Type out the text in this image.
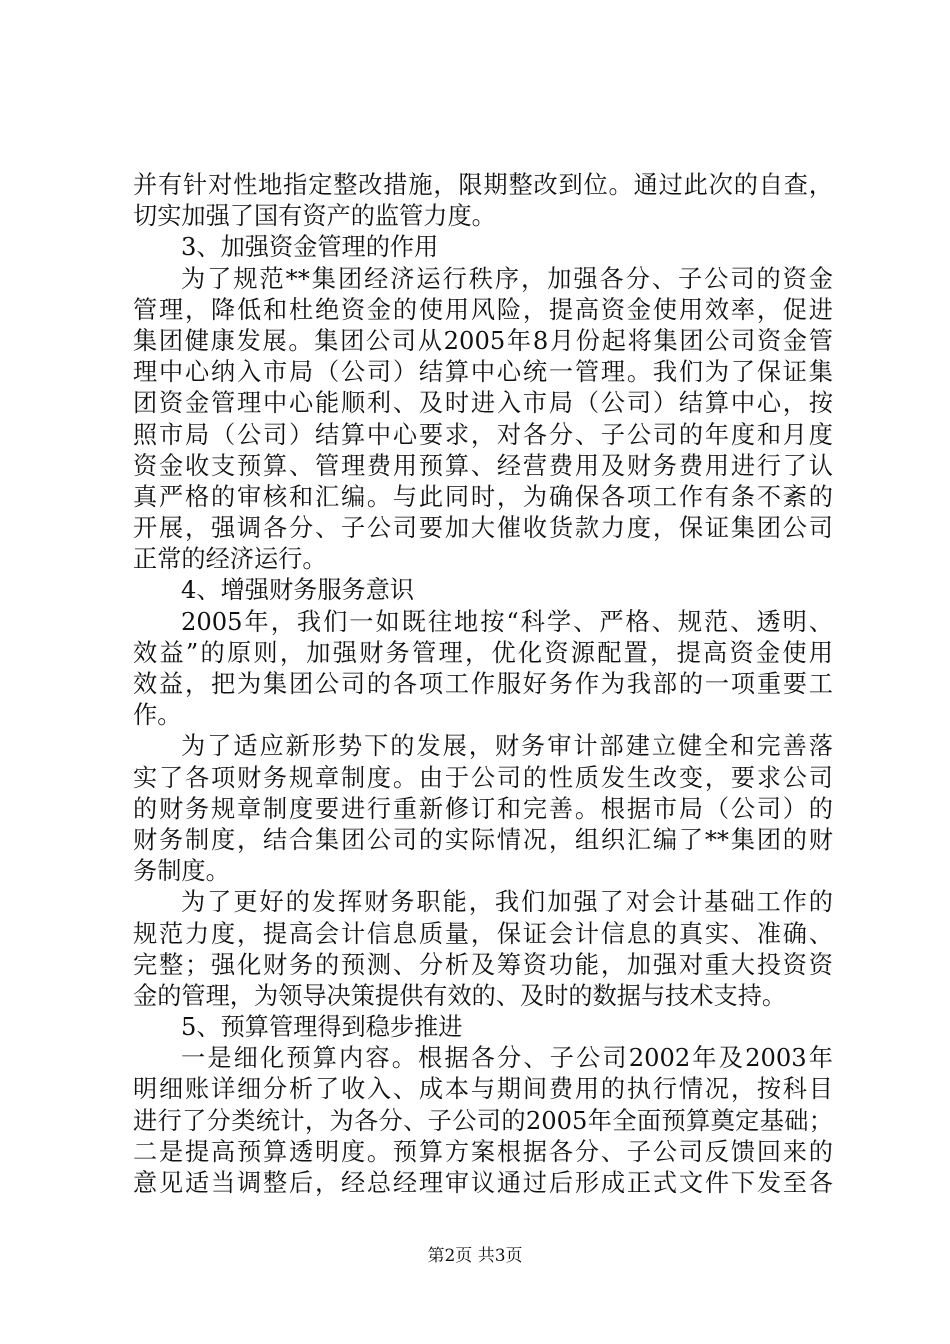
并有针对性地指定整改措施，限期整改到位。通过此次的自查，
切实加强了国有资产的监管力度。
3、加强资金管理的作用
为了规范**集团经济运行秩序，加强各分、子公司的资金
管理，降低和杜绝资金的使用风险，提高资金使用效率，促进
集团健康发展。集团公司从2005年8月份起将集团公司资金管
理中心纳入市局（公司）结算中心统一管理。我们为了保证集
团资金管理中心能顺利、及时进入市局（公司）结算中心，按
照市局（公司）结算中心要求，对各分、子公司的年度和月度
资金收支预算、管理费用预算、经营费用及财务费用进行了认
真严格的审核和汇编。与此同时，为确保各项工作有条不紊的
开展，强调各分、子公司要加大催收货款力度，保证集团公司
正常的经济运行。
4、增强财务服务意识
2005年，我们一如既往地按“科学、严格、规范、透明、
效益”的原则，加强财务管理，优化资源配置，提高资金使用
效益，把为集团公司的各项工作服好务作为我部的一项重要工
作。
为了适应新形势下的发展，财务审计部建立健全和完善落
实了各项财务规章制度。由于公司的性质发生改变，要求公司
的财务规章制度要进行重新修订和完善。根据市局（公司）的
财务制度，结合集团公司的实际情况，组织汇编了**集团的财
务制度。
为了更好的发挥财务职能，我们加强了对会计基础工作的
规范力度，提高会计信息质量，保证会计信息的真实、准确、
完整；强化财务的预测、分析及筹资功能，加强对重大投资资
金的管理，为领导决策提供有效的、及时的数据与技术支持。
5、预算管理得到稳步推进
一是细化预算内容。根据各分、子公司2002年及2003年
明细账详细分析了收入、成本与期间费用的执行情况，按科目
进行了分类统计，为各分、子公司的2005年全面预算奠定基础；
二是提高预算透明度。预算方案根据各分、子公司反馈回来的
意见适当调整后，经总经理审议通过后形成正式文件下发至各
第2页 共3页
